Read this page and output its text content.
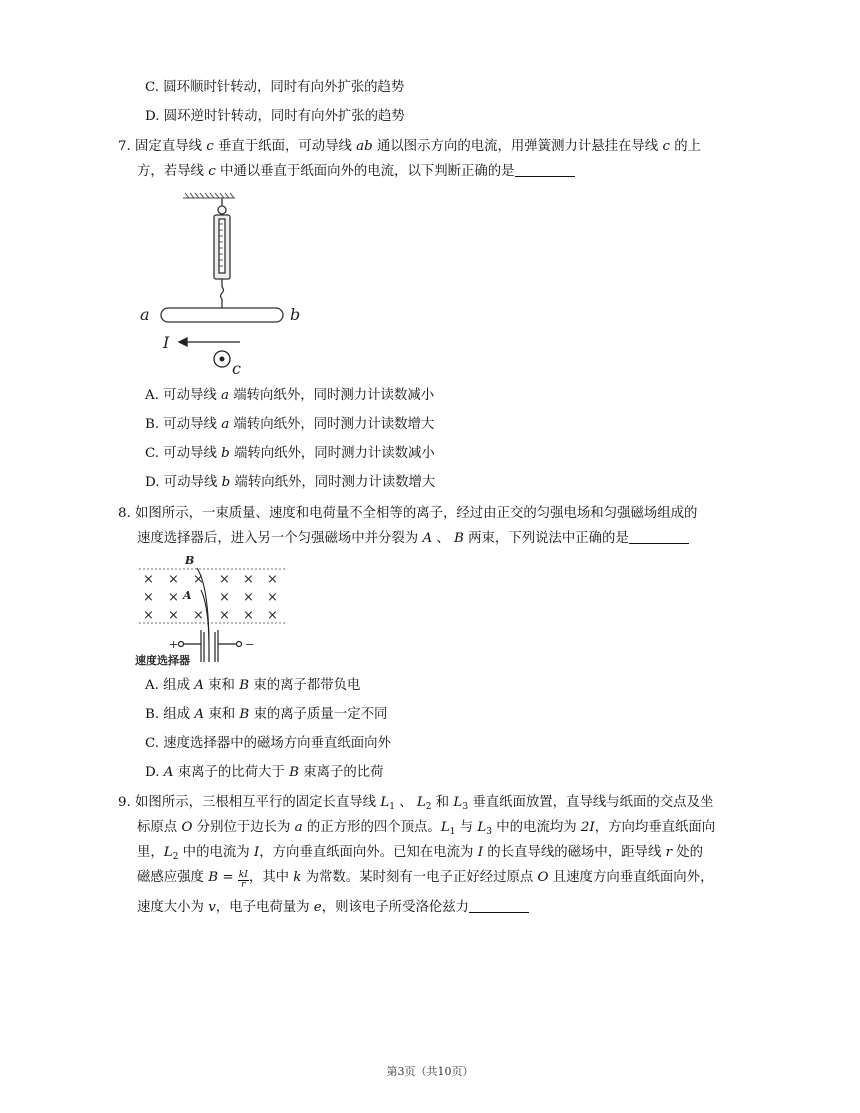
C. 圆环顺时针转动，同时有向外扩张的趋势
D. 圆环逆时针转动，同时有向外扩张的趋势
7. 固定直导线 c 垂直于纸面，可动导线 ab 通以图示方向的电流，用弹簧测力计悬挂在导线 c 的上
方，若导线 c 中通以垂直于纸面向外的电流，以下判断正确的是
a	b
I
c
A. 可动导线 a 端转向纸外，同时测力计读数减小
B. 可动导线 a 端转向纸外，同时测力计读数增大
C. 可动导线 b 端转向纸外，同时测力计读数减小
D. 可动导线 b 端转向纸外，同时测力计读数增大
8. 如图所示，一束质量、速度和电荷量不全相等的离子，经过由正交的匀强电场和匀强磁场组成的
速度选择器后，进入另一个匀强磁场中并分裂为 A 、 B 两束，下列说法中正确的是
B
× × × × × ×
× ×	× × ×
× × × × × ×
A
+	−
速度选择器
A. 组成 A 束和 B 束的离子都带负电
B. 组成 A 束和 B 束的离子质量一定不同
C. 速度选择器中的磁场方向垂直纸面向外
D. A 束离子的比荷大于 B 束离子的比荷
9. 如图所示，三根相互平行的固定长直导线 $L_1$ 、 $L_2$ 和 $L_3$ 垂直纸面放置，直导线与纸面的交点及坐
标原点 O 分别位于边长为 a 的正方形的四个顶点。$L_1$ 与 $L_3$ 中的电流均为 2I，方向均垂直纸面向
里，$L_2$ 中的电流为 I，方向垂直纸面向外。已知在电流为 I 的长直导线的磁场中，距导线 r 处的
磁感应强度 $B = \frac{kI}{r}$ ，其中 k 为常数。某时刻有一电子正好经过原点 O 且速度方向垂直纸面向外，
速度大小为 v，电子电荷量为 e，则该电子所受洛伦兹力
第3页（共10页）
